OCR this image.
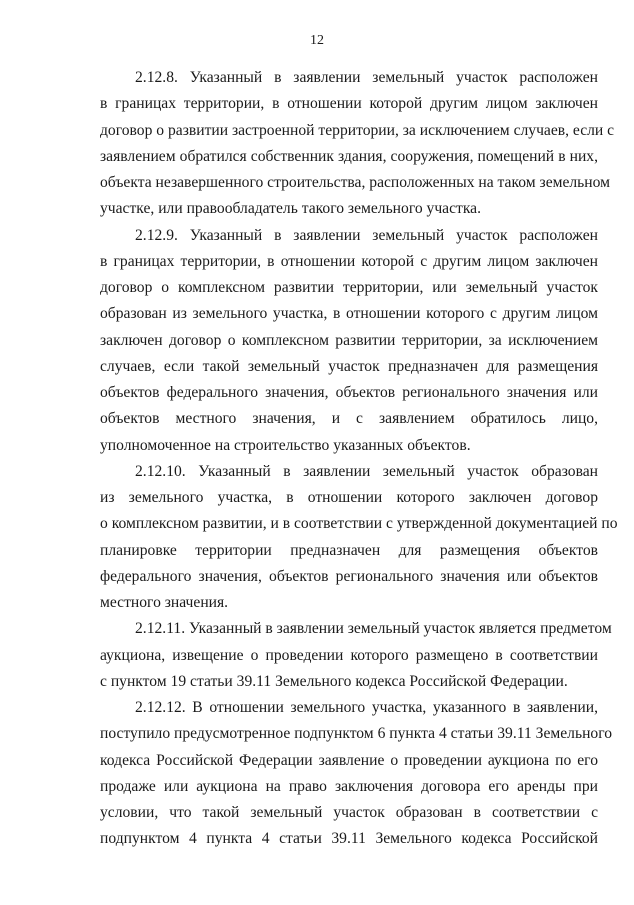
12
2.12.8. Указанный в заявлении земельный участок расположен
в границах территории, в отношении которой другим лицом заключен
договор о развитии застроенной территории, за исключением случаев, если с
заявлением обратился собственник здания, сооружения, помещений в них,
объекта незавершенного строительства, расположенных на таком земельном
участке, или правообладатель такого земельного участка.
2.12.9. Указанный в заявлении земельный участок расположен
в границах территории, в отношении которой с другим лицом заключен
договор о комплексном развитии территории, или земельный участок
образован из земельного участка, в отношении которого с другим лицом
заключен договор о комплексном развитии территории, за исключением
случаев, если такой земельный участок предназначен для размещения
объектов федерального значения, объектов регионального значения или
объектов местного значения, и с заявлением обратилось лицо,
уполномоченное на строительство указанных объектов.
2.12.10. Указанный в заявлении земельный участок образован
из земельного участка, в отношении которого заключен договор
о комплексном развитии, и в соответствии с утвержденной документацией по
планировке территории предназначен для размещения объектов
федерального значения, объектов регионального значения или объектов
местного значения.
2.12.11. Указанный в заявлении земельный участок является предметом
аукциона, извещение о проведении которого размещено в соответствии
с пунктом 19 статьи 39.11 Земельного кодекса Российской Федерации.
2.12.12. В отношении земельного участка, указанного в заявлении,
поступило предусмотренное подпунктом 6 пункта 4 статьи 39.11 Земельного
кодекса Российской Федерации заявление о проведении аукциона по его
продаже или аукциона на право заключения договора его аренды при
условии, что такой земельный участок образован в соответствии с
подпунктом 4 пункта 4 статьи 39.11 Земельного кодекса Российской
